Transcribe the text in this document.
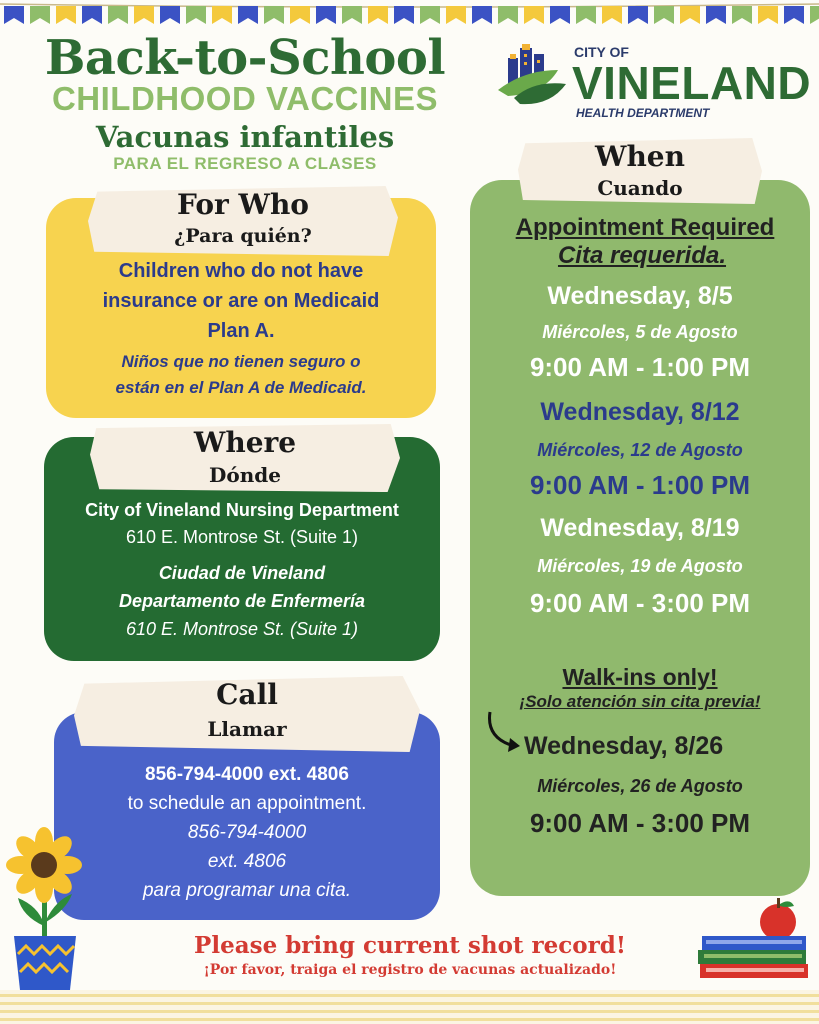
Back-to-School
CHILDHOOD VACCINES
Vacunas infantiles
PARA EL REGRESO A CLASES
CITY OF
VINELAND
HEALTH DEPARTMENT
For Who
¿Para quién?
Children who do not have
insurance or are on Medicaid
Plan A.
Niños que no tienen seguro o
están en el Plan A de Medicaid.
Where
Dónde
City of Vineland Nursing Department
610 E. Montrose St. (Suite 1)
Ciudad de Vineland
Departamento de Enfermería
610 E. Montrose St. (Suite 1)
Call
Llamar
856-794-4000 ext. 4806
to schedule an appointment.
856-794-4000
ext. 4806
para programar una cita.
When
Cuando
Appointment Required
Cita requerida.
Wednesday, 8/5
Miércoles, 5 de Agosto
9:00 AM - 1:00 PM
Wednesday, 8/12
Miércoles, 12 de Agosto
9:00 AM - 1:00 PM
Wednesday, 8/19
Miércoles, 19 de Agosto
9:00 AM - 3:00 PM
Walk-ins only!
¡Solo atención sin cita previa!
Wednesday, 8/26
Miércoles, 26 de Agosto
9:00 AM - 3:00 PM
Please bring current shot record!
¡Por favor, traiga el registro de vacunas actualizado!
